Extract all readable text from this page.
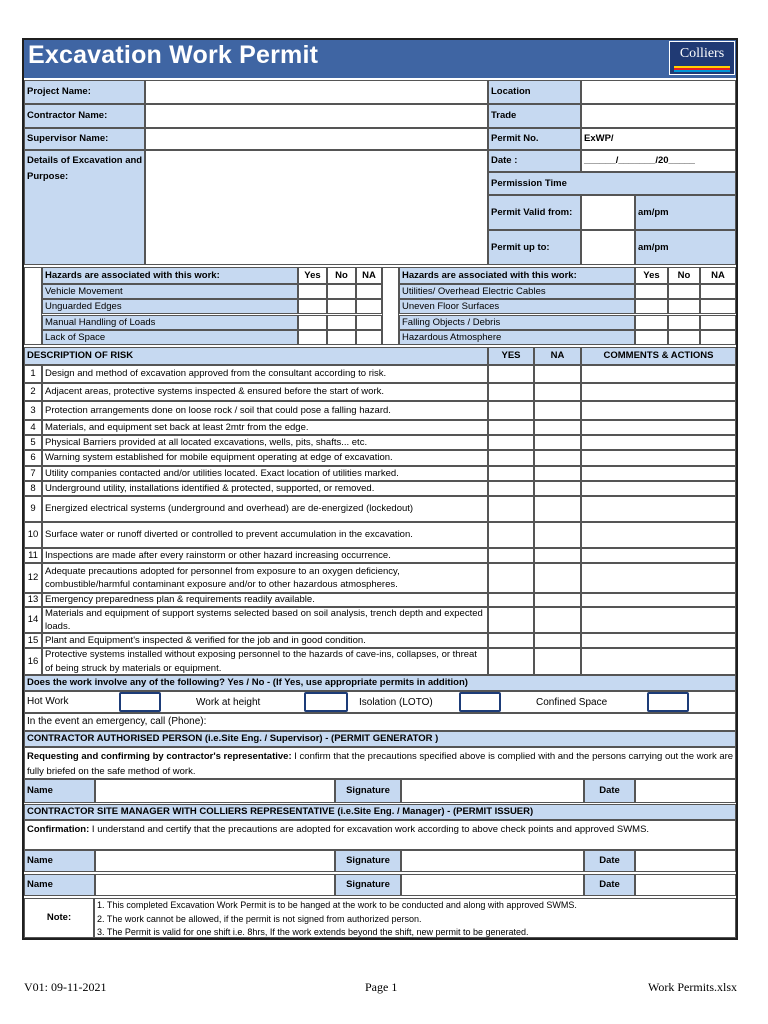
Excavation Work Permit	Colliers
Project Name:	Location
Contractor Name:	Trade
Supervisor Name:	Permit No.	ExWP/
Details of Excavation and Purpose:
Date :	______/_______/20_____
Permission Time
Permit Valid from:	am/pm
Permit up to:	am/pm
Hazards are associated with this work:	Yes	No	NA	Hazards are associated with this work:	Yes	No	NA
Vehicle Movement	Utilities/ Overhead Electric Cables
Unguarded Edges	Uneven Floor Surfaces
Manual Handling of Loads	Falling Objects / Debris
Lack of Space	Hazardous Atmosphere
DESCRIPTION OF RISK	YES	NA	COMMENTS & ACTIONS
1 Design and method of excavation approved from the consultant according to risk.
2 Adjacent areas, protective systems inspected & ensured before the start of work.
3 Protection arrangements done on loose rock / soil that could pose a falling hazard.
4 Materials, and equipment set back at least 2mtr from the edge.
5 Physical Barriers provided at all located excavations, wells, pits, shafts... etc.
6 Warning system established for mobile equipment operating at edge of excavation.
7 Utility companies contacted and/or utilities located. Exact location of utilities marked.
8 Underground utility, installations identified & protected, supported, or removed.
9 Energized electrical systems (underground and overhead) are de-energized (lockedout)
10 Surface water or runoff diverted or controlled to prevent accumulation in the excavation.
11 Inspections are made after every rainstorm or other hazard increasing occurrence.
12
Adequate precautions adopted for personnel from exposure to an oxygen deficiency, combustible/harmful contaminant exposure and/or to other hazardous atmospheres.
13 Emergency preparedness plan & requirements readily available.
14
Materials and equipment of support systems selected based on soil analysis, trench depth and expected loads.
15 Plant and Equipment's inspected & verified for the job and in good condition.
16
Protective systems installed without exposing personnel to the hazards of cave-ins, collapses, or threat of being struck by materials or equipment.
Does the work involve any of the following? Yes / No - (If Yes, use appropriate permits in addition)
Hot Work	Work at height	Isolation (LOTO)	Confined Space
In the event an emergency, call (Phone):
CONTRACTOR AUTHORISED PERSON (i.e.Site Eng. / Supervisor) - (PERMIT GENERATOR )
Requesting and confirming by contractor's representative: I confirm that the precautions specified above is complied with and the persons carrying out the work are fully briefed on the safe method of work.
Name	Signature	Date
CONTRACTOR SITE MANAGER WITH COLLIERS REPRESENTATIVE (i.e.Site Eng. / Manager) - (PERMIT ISSUER)
Confirmation: I understand and certify that the precautions are adopted for excavation work according to above check points and approved SWMS.
Name	Signature	Date
Name	Signature	Date
Note:
1. This completed Excavation Work Permit is to be hanged at the work to be conducted and along with approved SWMS.
2. The work cannot be allowed, if the permit is not signed from authorized person.
3. The Permit is valid for one shift i.e. 8hrs, If the work extends beyond the shift, new permit to be generated.
V01: 09-11-2021	Page 1	Work Permits.xlsx
